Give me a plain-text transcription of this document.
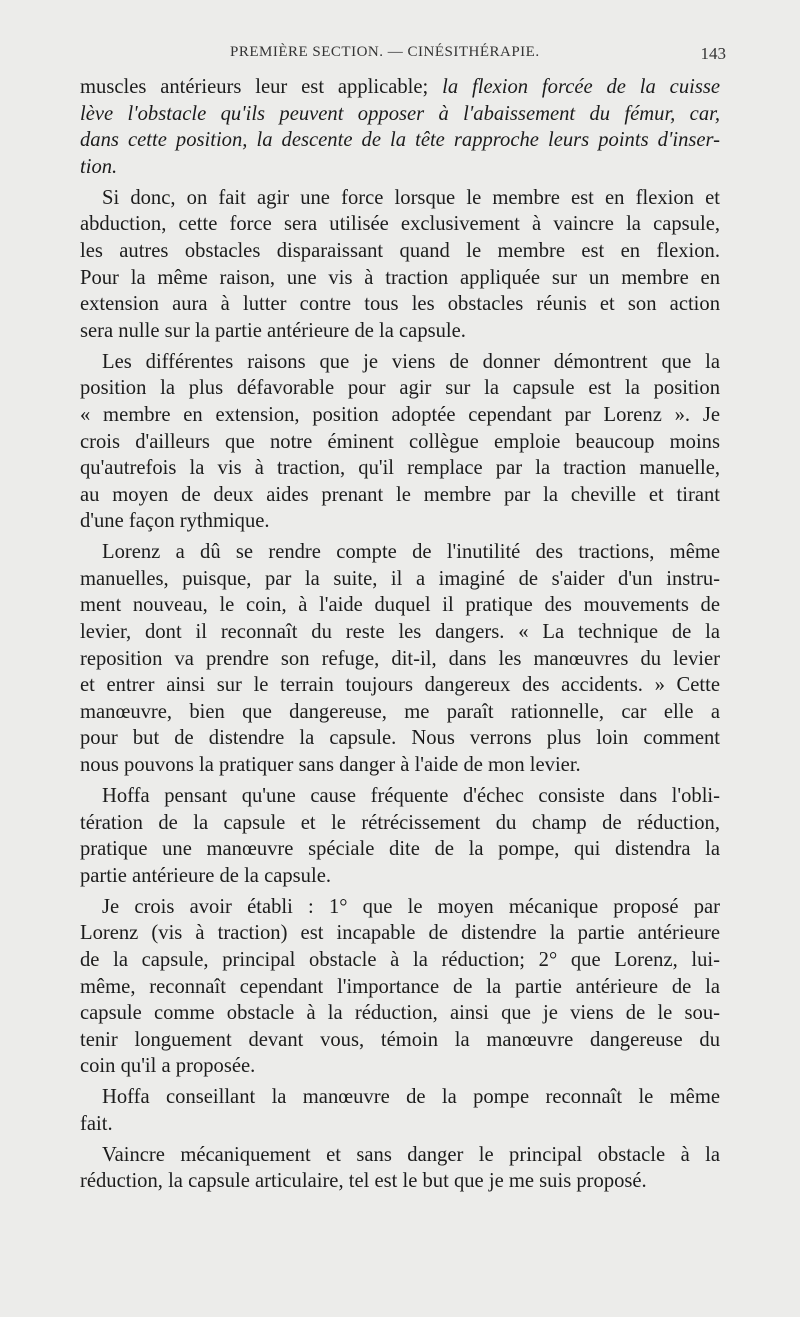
PREMIÈRE SECTION. — CINÉSITHÉRAPIE.	143

muscles antérieurs leur est applicable; la flexion forcée de la cuisse
lève l'obstacle qu'ils peuvent opposer à l'abaissement du fémur, car,
dans cette position, la descente de la tête rapproche leurs points d'inser-
tion.

Si donc, on fait agir une force lorsque le membre est en flexion et
abduction, cette force sera utilisée exclusivement à vaincre la capsule,
les autres obstacles disparaissant quand le membre est en flexion.
Pour la même raison, une vis à traction appliquée sur un membre en
extension aura à lutter contre tous les obstacles réunis et son action
sera nulle sur la partie antérieure de la capsule.

Les différentes raisons que je viens de donner démontrent que la
position la plus défavorable pour agir sur la capsule est la position
« membre en extension, position adoptée cependant par Lorenz ». Je
crois d'ailleurs que notre éminent collègue emploie beaucoup moins
qu'autrefois la vis à traction, qu'il remplace par la traction manuelle,
au moyen de deux aides prenant le membre par la cheville et tirant
d'une façon rythmique.

Lorenz a dû se rendre compte de l'inutilité des tractions, même
manuelles, puisque, par la suite, il a imaginé de s'aider d'un instru-
ment nouveau, le coin, à l'aide duquel il pratique des mouvements de
levier, dont il reconnaît du reste les dangers. « La technique de la
reposition va prendre son refuge, dit-il, dans les manœuvres du levier
et entrer ainsi sur le terrain toujours dangereux des accidents. » Cette
manœuvre, bien que dangereuse, me paraît rationnelle, car elle a
pour but de distendre la capsule. Nous verrons plus loin comment
nous pouvons la pratiquer sans danger à l'aide de mon levier.

Hoffa pensant qu'une cause fréquente d'échec consiste dans l'obli-
tération de la capsule et le rétrécissement du champ de réduction,
pratique une manœuvre spéciale dite de la pompe, qui distendra la
partie antérieure de la capsule.

Je crois avoir établi : 1° que le moyen mécanique proposé par
Lorenz (vis à traction) est incapable de distendre la partie antérieure
de la capsule, principal obstacle à la réduction; 2° que Lorenz, lui-
même, reconnaît cependant l'importance de la partie antérieure de la
capsule comme obstacle à la réduction, ainsi que je viens de le sou-
tenir longuement devant vous, témoin la manœuvre dangereuse du
coin qu'il a proposée.

Hoffa conseillant la manœuvre de la pompe reconnaît le même
fait.

Vaincre mécaniquement et sans danger le principal obstacle à la
réduction, la capsule articulaire, tel est le but que je me suis proposé.
